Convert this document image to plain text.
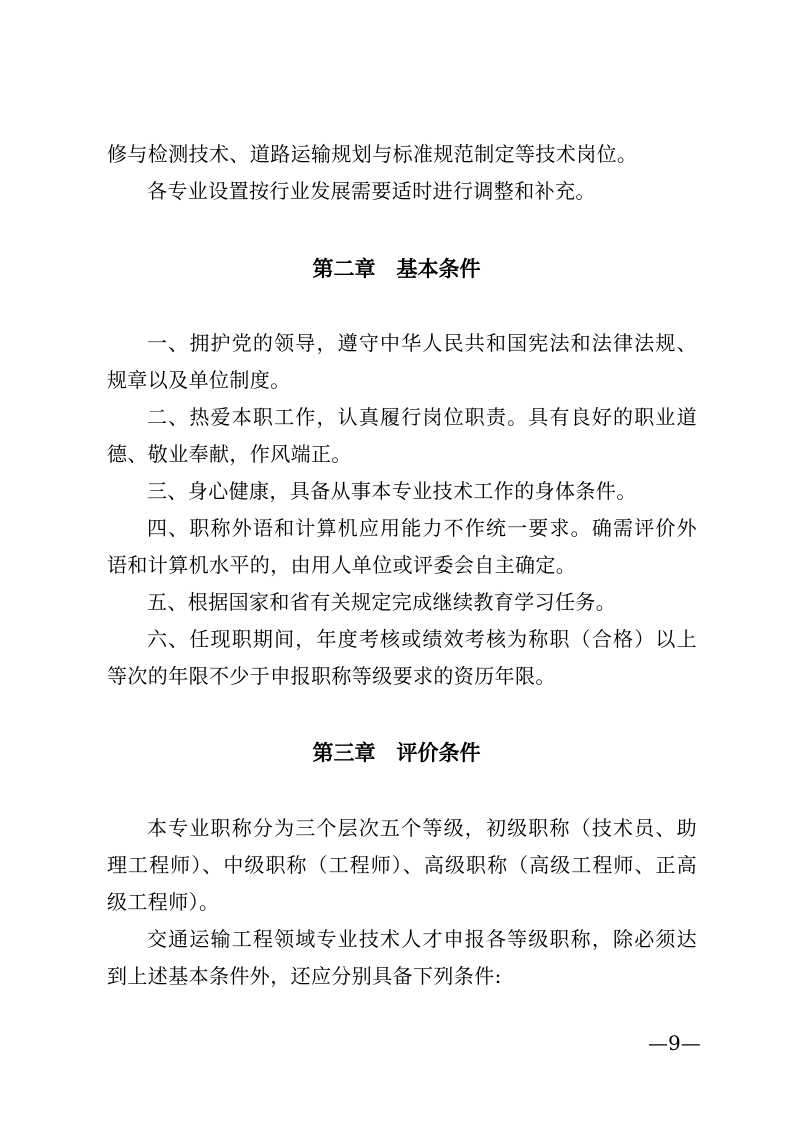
修与检测技术、道路运输规划与标准规范制定等技术岗位。

各专业设置按行业发展需要适时进行调整和补充。

第二章　基本条件

一、拥护党的领导，遵守中华人民共和国宪法和法律法规、规章以及单位制度。

二、热爱本职工作，认真履行岗位职责。具有良好的职业道德、敬业奉献，作风端正。

三、身心健康，具备从事本专业技术工作的身体条件。

四、职称外语和计算机应用能力不作统一要求。确需评价外语和计算机水平的，由用人单位或评委会自主确定。

五、根据国家和省有关规定完成继续教育学习任务。

六、任现职期间，年度考核或绩效考核为称职（合格）以上等次的年限不少于申报职称等级要求的资历年限。

第三章　评价条件

本专业职称分为三个层次五个等级，初级职称（技术员、助理工程师）、中级职称（工程师）、高级职称（高级工程师、正高级工程师）。

交通运输工程领域专业技术人才申报各等级职称，除必须达到上述基本条件外，还应分别具备下列条件:

—9—
